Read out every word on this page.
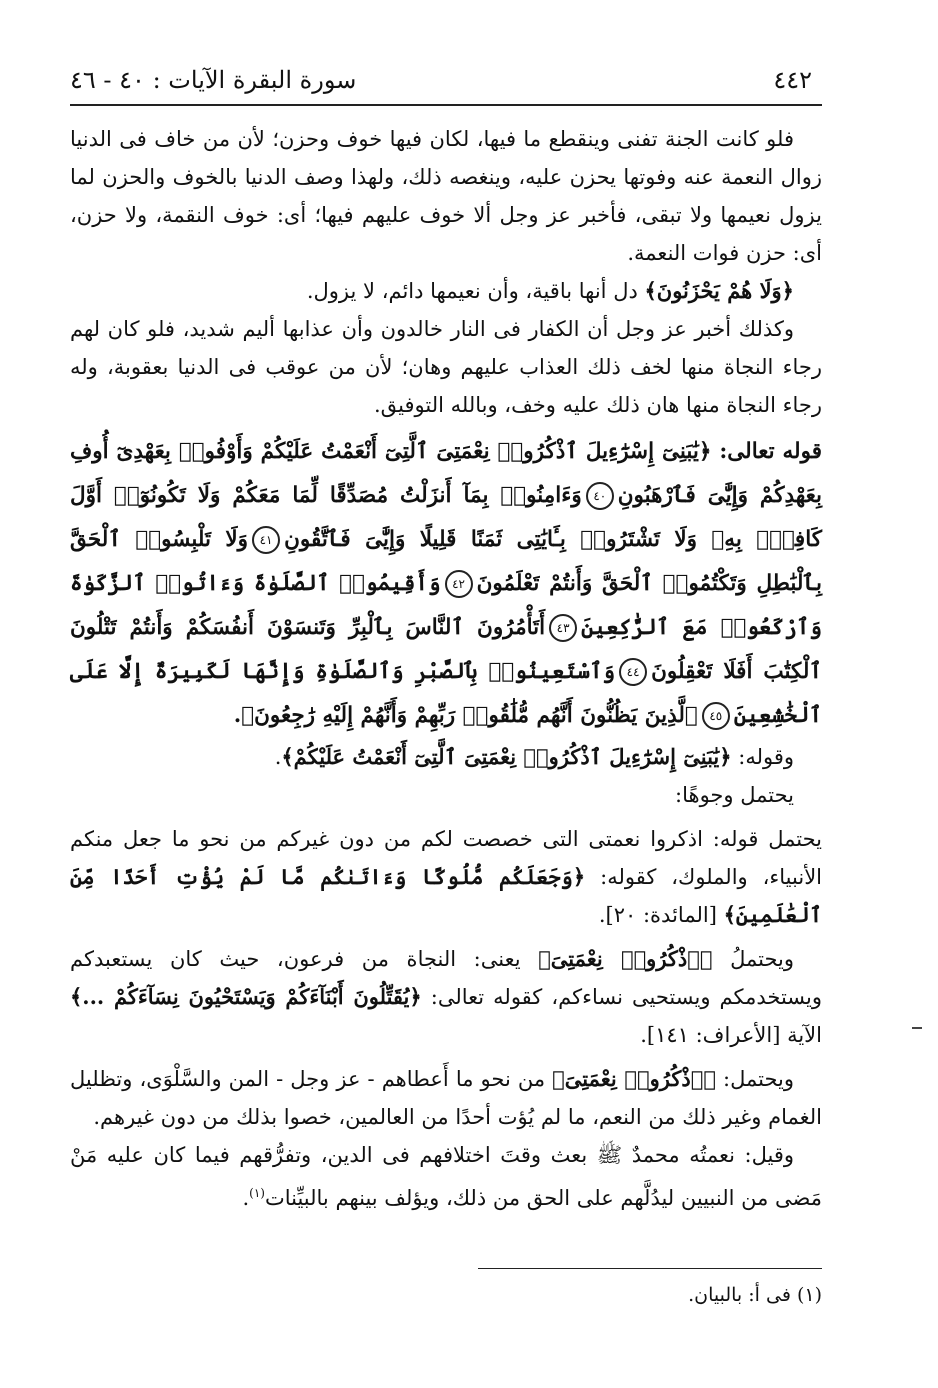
٤٤٢
سورة البقرة الآيات : ٤٠ - ٤٦

فلو كانت الجنة تفنى وينقطع ما فيها، لكان فيها خوف وحزن؛ لأن من خاف فى الدنيا زوال النعمة عنه وفوتها يحزن عليه، وينغصه ذلك، ولهذا وصف الدنيا بالخوف والحزن لما يزول نعيمها ولا تبقى، فأخبر عز وجل ألا خوف عليهم فيها؛ أى: خوف النقمة، ولا حزن، أى: حزن فوات النعمة.

﴿وَلَا هُمْ يَحْزَنُونَ﴾ دل أنها باقية، وأن نعيمها دائم، لا يزول.

وكذلك أخبر عز وجل أن الكفار فى النار خالدون وأن عذابها أليم شديد، فلو كان لهم رجاء النجاة منها لخف ذلك العذاب عليهم وهان؛ لأن من عوقب فى الدنيا بعقوبة، وله رجاء النجاة منها هان ذلك عليه وخف، وبالله التوفيق.

قوله تعالى: ﴿يَٰبَنِىٓ إِسْرَٰٓءِيلَ ٱذْكُرُوا۟ نِعْمَتِىَ ٱلَّتِىٓ أَنْعَمْتُ عَلَيْكُمْ وَأَوْفُوا۟ بِعَهْدِىٓ أُوفِ بِعَهْدِكُمْ وَإِيَّٰىَ فَٱرْهَبُونِ٤٠وَءَامِنُوا۟ بِمَآ أَنزَلْتُ مُصَدِّقًا لِّمَا مَعَكُمْ وَلَا تَكُونُوٓا۟ أَوَّلَ كَافِرٍۭ بِهِۦ وَلَا تَشْتَرُوا۟ بِـَٔايَٰتِى ثَمَنًا قَلِيلًا وَإِيَّٰىَ فَٱتَّقُونِ٤١وَلَا تَلْبِسُوا۟ ٱلْحَقَّ بِٱلْبَٰطِلِ وَتَكْتُمُوا۟ ٱلْحَقَّ وَأَنتُمْ تَعْلَمُونَ٤٢وَأَقِيمُوا۟ ٱلصَّلَوٰةَ وَءَاتُوا۟ ٱلزَّكَوٰةَ وَٱرْكَعُوا۟ مَعَ ٱلرَّٰكِعِينَ٤٣أَتَأْمُرُونَ ٱلنَّاسَ بِٱلْبِرِّ وَتَنسَوْنَ أَنفُسَكُمْ وَأَنتُمْ تَتْلُونَ ٱلْكِتَٰبَ أَفَلَا تَعْقِلُونَ٤٤وَٱسْتَعِينُوا۟ بِٱلصَّبْرِ وَٱلصَّلَوٰةِ وَإِنَّهَا لَكَبِيرَةٌ إِلَّا عَلَى ٱلْخَٰشِعِينَ٤٥ٱلَّذِينَ يَظُنُّونَ أَنَّهُم مُّلَٰقُوا۟ رَبِّهِمْ وَأَنَّهُمْ إِلَيْهِ رَٰجِعُونَ﴾.

وقوله: ﴿يَٰبَنِىٓ إِسْرَٰٓءِيلَ ٱذْكُرُوا۟ نِعْمَتِىَ ٱلَّتِىٓ أَنْعَمْتُ عَلَيْكُمْ﴾.

يحتمل وجوهًا:

يحتمل قوله: اذكروا نعمتى التى خصصت لكم من دون غيركم من نحو ما جعل منكم الأنبياء، والملوك، كقوله: ﴿وَجَعَلَكُم مُّلُوكًا وَءَاتَىٰكُم مَّا لَمْ يُؤْتِ أَحَدًا مِّنَ ٱلْعَٰلَمِينَ﴾ [المائدة: ٢٠].

ويحتملُ ﴿ٱذْكُرُوا۟ نِعْمَتِىَ﴾ يعنى: النجاة من فرعون، حيث كان يستعبدكم ويستخدمكم ويستحيى نساءكم، كقوله تعالى: ﴿يُقَتِّلُونَ أَبْنَآءَكُمْ وَيَسْتَحْيُونَ نِسَآءَكُمْ ...﴾ الآية [الأعراف: ١٤١].

ويحتمل: ﴿ٱذْكُرُوا۟ نِعْمَتِىَ﴾ من نحو ما أَعطاهم - عز وجل - المن والسَّلْوَى، وتظليل الغمام وغير ذلك من النعم، ما لم يُؤت أحدًا من العالمين، خصوا بذلك من دون غيرهم.

وقيل: نعمتُه محمدٌ ﷺ بعث وقتَ اختلافهم فى الدين، وتفرُّقهم فيما كان عليه مَنْ مَضى من النبيين ليدُلَّهم على الحق من ذلك، ويؤلف بينهم بالبيِّنات$^{(١)}$.

(١) فى أ: بالبيان.
